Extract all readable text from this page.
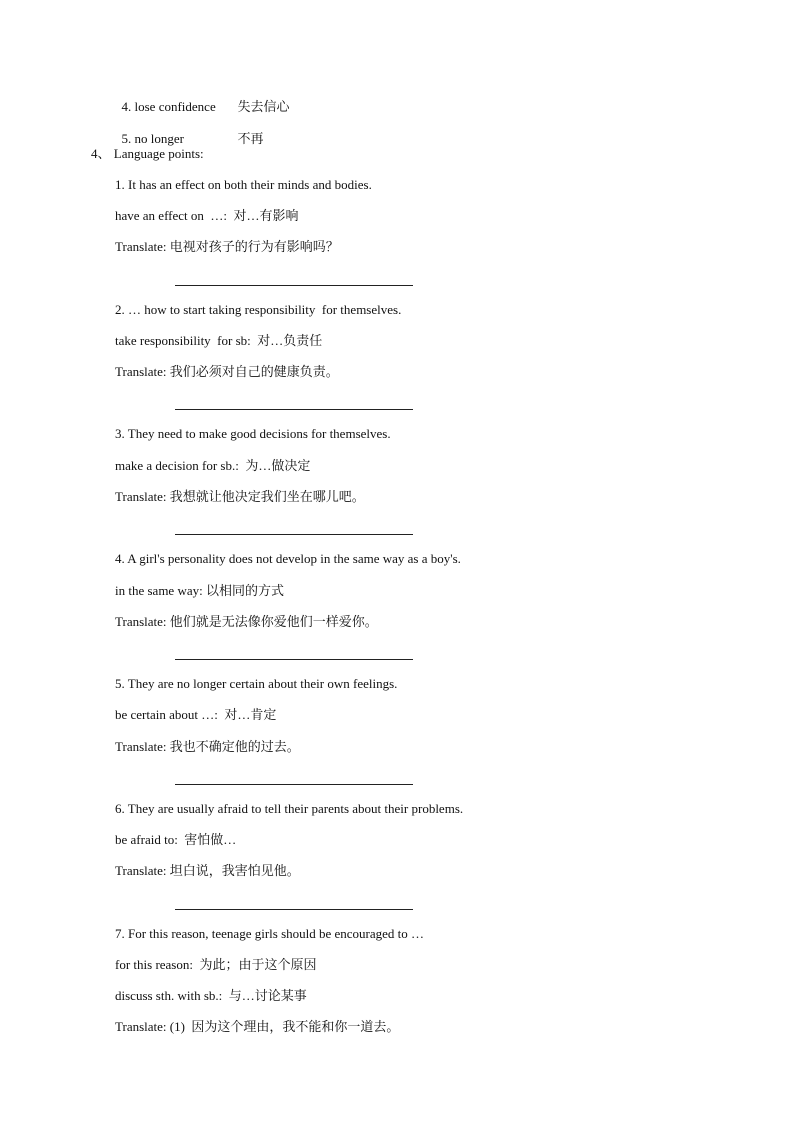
4. lose confidence 失去信心

5. no longer	不再

4、 Language points:
1. It has an effect on both their minds and bodies.
have an effect on  …:  对…有影响
Translate: 电视对孩子的行为有影响吗？
2. … how to start taking responsibility  for themselves.
take responsibility  for sb:  对…负责任
Translate: 我们必须对自己的健康负责。
3. They need to make good decisions for themselves.
make a decision for sb.:  为…做决定
Translate: 我想就让他决定我们坐在哪儿吧。
4. A girl's personality does not develop in the same way as a boy's.
in the same way: 以相同的方式
Translate: 他们就是无法像你爱他们一样爱你。
5. They are no longer certain about their own feelings.
be certain about …:  对…肯定
Translate: 我也不确定他的过去。
6. They are usually afraid to tell their parents about their problems.
be afraid to:  害怕做…
Translate: 坦白说，我害怕见他。
7. For this reason, teenage girls should be encouraged to …
for this reason:  为此；由于这个原因
discuss sth. with sb.:  与…讨论某事
Translate: (1)  因为这个理由，我不能和你一道去。
